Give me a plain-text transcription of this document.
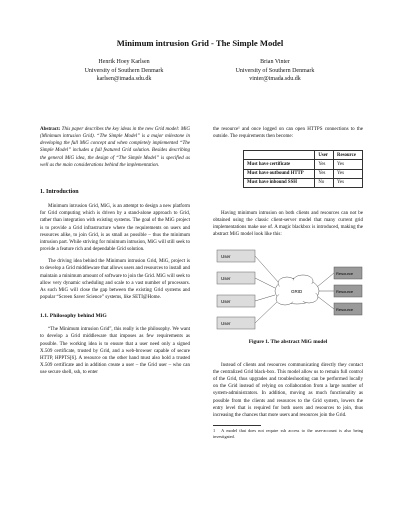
Minimum intrusion Grid - The Simple Model
Henrik Hoey Karlsen
University of Southern Denmark
karlsen@imada.sdu.dk
Brian Vinter
University of Southern Denmark
vinter@imada.sdu.dk

Abstract: This paper describes the key ideas in the new Grid model: MiG (Minimum intrusion Grid). “The Simple Model” is a major milestone in developing the full MiG concept and when completely implemented “The Simple Model” includes a full featured Grid solution. Besides describing the general MiG idea, the design of “The Simple Model” is specified as well as the main considerations behind the implementation.

1. Introduction

Minimum intrusion Grid, MiG, is an attempt to design a new platform for Grid computing which is driven by a stand-alone approach to Grid, rather than integration with existing systems. The goal of the MiG project is to provide a Grid infrastructure where the requirements on users and resources alike, to join Grid, is as small as possible – thus the minimum intrusion part. While striving for minimum intrusion, MiG will still seek to provide a feature rich and dependable Grid solution.

The driving idea behind the Minimum intrusion Grid, MiG, project is to develop a Grid middleware that allows users and resources to install and maintain a minimum amount of software to join the Grid. MiG will seek to allow very dynamic scheduling and scale to a vast number of processors. As such MiG will close the gap between the existing Grid systems and popular “Screen Saver Science” systems, like SETI@Home.

1.1. Philosophy behind MiG

“The Minimum intrusion Grid”, this really is the philosophy. We want to develop a Grid middleware that imposes as few requirements as possible. The working idea is to ensure that a user need only a signed X.509 certificate, trusted by Grid, and a web-browser capable of secure HTTP, HPPTS[6]. A resource on the other hand must also hold a trusted X.509 certificate and in addition create a user – the Grid user – who can use secure shell, ssh, to enter

the resource¹ and once logged on can open HTTPS connections to the outside. The requirements then become:

	User	Resource
Must have certificate	Yes	Yes
Must have outbound HTTP	Yes	Yes
Must have inbound SSH	No	Yes

Having minimum intrusion on both clients and resources can not be obtained using the classic client-server model that many current grid implementations make use of. A magic blackbox is introduced, making the abstract MiG model look like this:

User
User
User
User
GRID
Resource
Resource
Resource
Figure 1. The abstract MiG model

Instead of clients and resources communicating directly they contact the centralized Grid black-box. This model allow us to remain full control of the Grid, thus upgrades and troubleshooting can be performed locally on the Grid instead of relying on collaboration from a large number of system-administrators. In addition, moving as much functionality as possible from the clients and resources to the Grid system, lowers the entry level that is required for both users and resources to join, thus increasing the chances that more users and resources join the Grid.

1 A model that does not require ssh access to the user-account is also being investigated.
